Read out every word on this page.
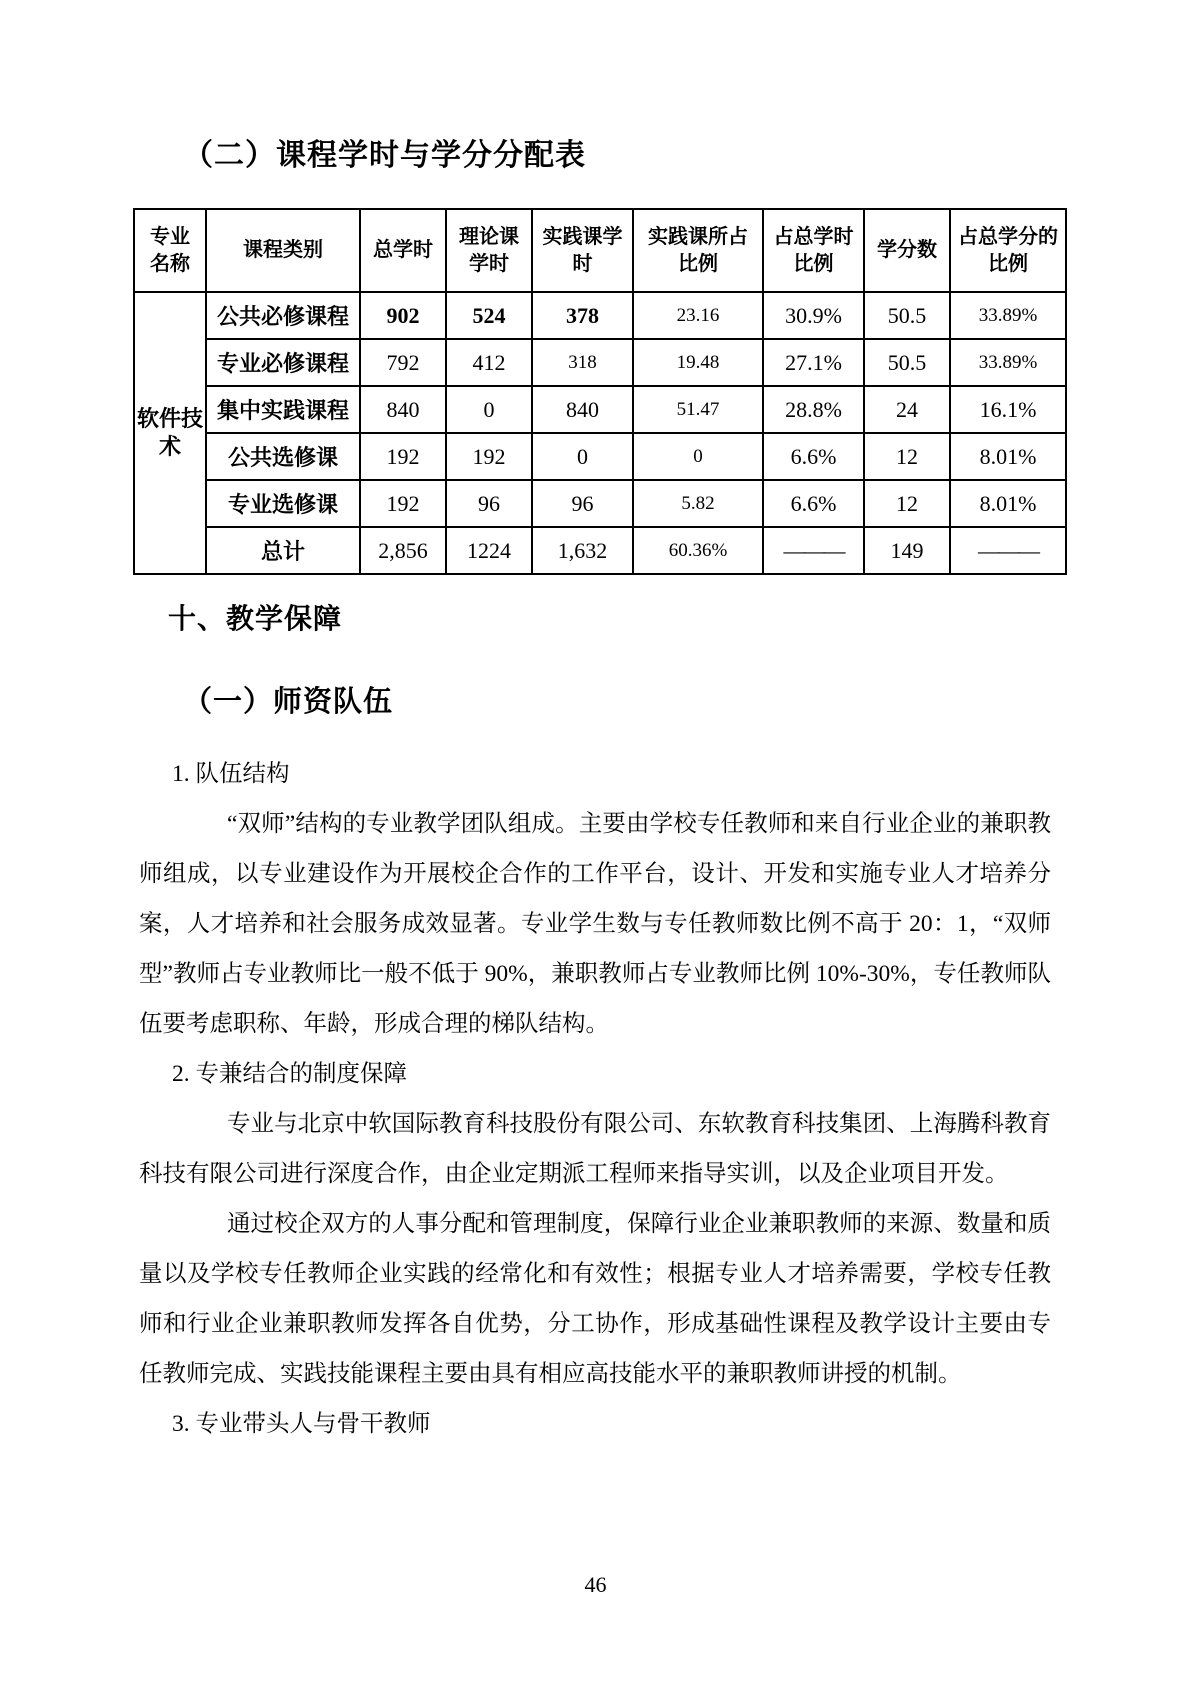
（二）课程学时与学分分配表
专业名称	课程类别	总学时	理论课学时	实践课学时	实践课所占比例	占总学时比例	学分数	占总学分的比例
软件技术	公共必修课程	902	524	378	23.16	30.9%	50.5	33.89%
	专业必修课程	792	412	318	19.48	27.1%	50.5	33.89%
	集中实践课程	840	0	840	51.47	28.8%	24	16.1%
	公共选修课	192	192	0	0	6.6%	12	8.01%
	专业选修课	192	96	96	5.82	6.6%	12	8.01%
	总计	2,856	1224	1,632	60.36%	———	149	———
十、教学保障
（一）师资队伍

1. 队伍结构

“双师”结构的专业教学团队组成。主要由学校专任教师和来自行业企业的兼职教师组成，以专业建设作为开展校企合作的工作平台，设计、开发和实施专业人才培养分案，人才培养和社会服务成效显著。专业学生数与专任教师数比例不高于 20：1，“双师型”教师占专业教师比一般不低于 90%，兼职教师占专业教师比例 10%-30%，专任教师队伍要考虑职称、年龄，形成合理的梯队结构。

2. 专兼结合的制度保障

专业与北京中软国际教育科技股份有限公司、东软教育科技集团、上海腾科教育科技有限公司进行深度合作，由企业定期派工程师来指导实训，以及企业项目开发。

通过校企双方的人事分配和管理制度，保障行业企业兼职教师的来源、数量和质量以及学校专任教师企业实践的经常化和有效性；根据专业人才培养需要，学校专任教师和行业企业兼职教师发挥各自优势，分工协作，形成基础性课程及教学设计主要由专任教师完成、实践技能课程主要由具有相应高技能水平的兼职教师讲授的机制。

3. 专业带头人与骨干教师

46
